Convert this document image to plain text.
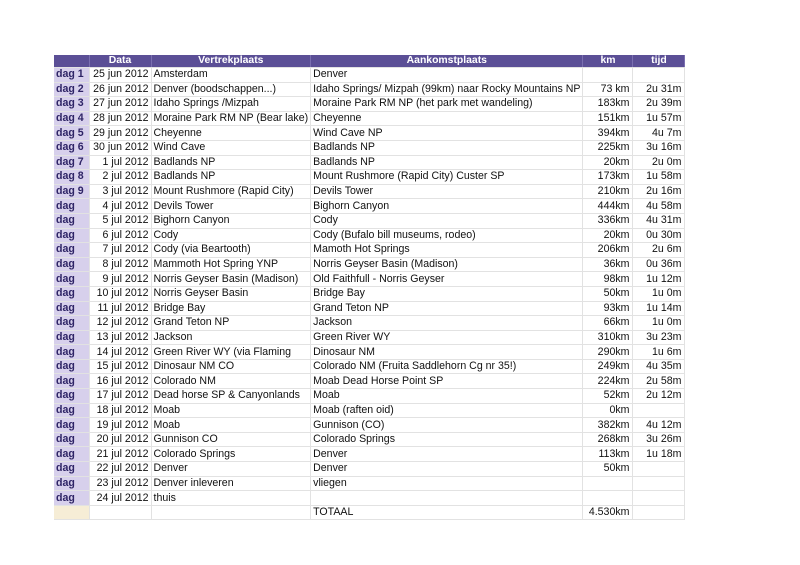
	Data	Vertrekplaats	Aankomstplaats	km	tijd
dag 1	25 jun 2012	Amsterdam	Denver		
dag 2	26 jun 2012	Denver (boodschappen...)	Idaho Springs/ Mizpah (99km) naar Rocky Mountains NP	73 km	2u 31m
dag 3	27 jun 2012	Idaho Springs /Mizpah	Moraine Park RM NP (het park met wandeling)	183km	2u 39m
dag 4	28 jun 2012	Moraine Park RM NP (Bear lake)	Cheyenne	151km	1u 57m
dag 5	29 jun 2012	Cheyenne	Wind Cave NP	394km	4u 7m
dag 6	30 jun 2012	Wind Cave	Badlands NP	225km	3u 16m
dag 7	1 jul 2012	Badlands NP	Badlands NP	20km	2u 0m
dag 8	2 jul 2012	Badlands NP	Mount Rushmore (Rapid City) Custer SP	173km	1u 58m
dag 9	3 jul 2012	Mount Rushmore (Rapid City)	Devils Tower	210km	2u 16m
dag	4 jul 2012	Devils Tower	Bighorn Canyon	444km	4u 58m
dag	5 jul 2012	Bighorn Canyon	Cody	336km	4u 31m
dag	6 jul 2012	Cody	Cody (Bufalo bill museums, rodeo)	20km	0u 30m
dag	7 jul 2012	Cody (via Beartooth)	Mamoth Hot Springs	206km	2u 6m
dag	8 jul 2012	Mammoth Hot Spring YNP	Norris Geyser Basin (Madison)	36km	0u 36m
dag	9 jul 2012	Norris Geyser Basin (Madison)	Old Faithfull - Norris Geyser	98km	1u 12m
dag	10 jul 2012	Norris Geyser Basin	Bridge Bay	50km	1u 0m
dag	11 jul 2012	Bridge Bay	Grand Teton NP	93km	1u 14m
dag	12 jul 2012	Grand Teton NP	Jackson	66km	1u 0m
dag	13 jul 2012	Jackson	Green River WY	310km	3u 23m
dag	14 jul 2012	Green River WY (via Flaming	Dinosaur NM	290km	1u 6m
dag	15 jul 2012	Dinosaur NM CO	Colorado NM (Fruita Saddlehorn Cg nr 35!)	249km	4u 35m
dag	16 jul 2012	Colorado NM	Moab Dead Horse Point SP	224km	2u 58m
dag	17 jul 2012	Dead horse SP & Canyonlands	Moab	52km	2u 12m
dag	18 jul 2012	Moab	Moab (raften oid)	0km	
dag	19 jul 2012	Moab	Gunnison (CO)	382km	4u 12m
dag	20 jul 2012	Gunnison CO	Colorado Springs	268km	3u 26m
dag	21 jul 2012	Colorado Springs	Denver	113km	1u 18m
dag	22 jul 2012	Denver	Denver	50km	
dag	23 jul 2012	Denver inleveren	vliegen		
dag	24 jul 2012	thuis			
			TOTAAL	4.530km	
